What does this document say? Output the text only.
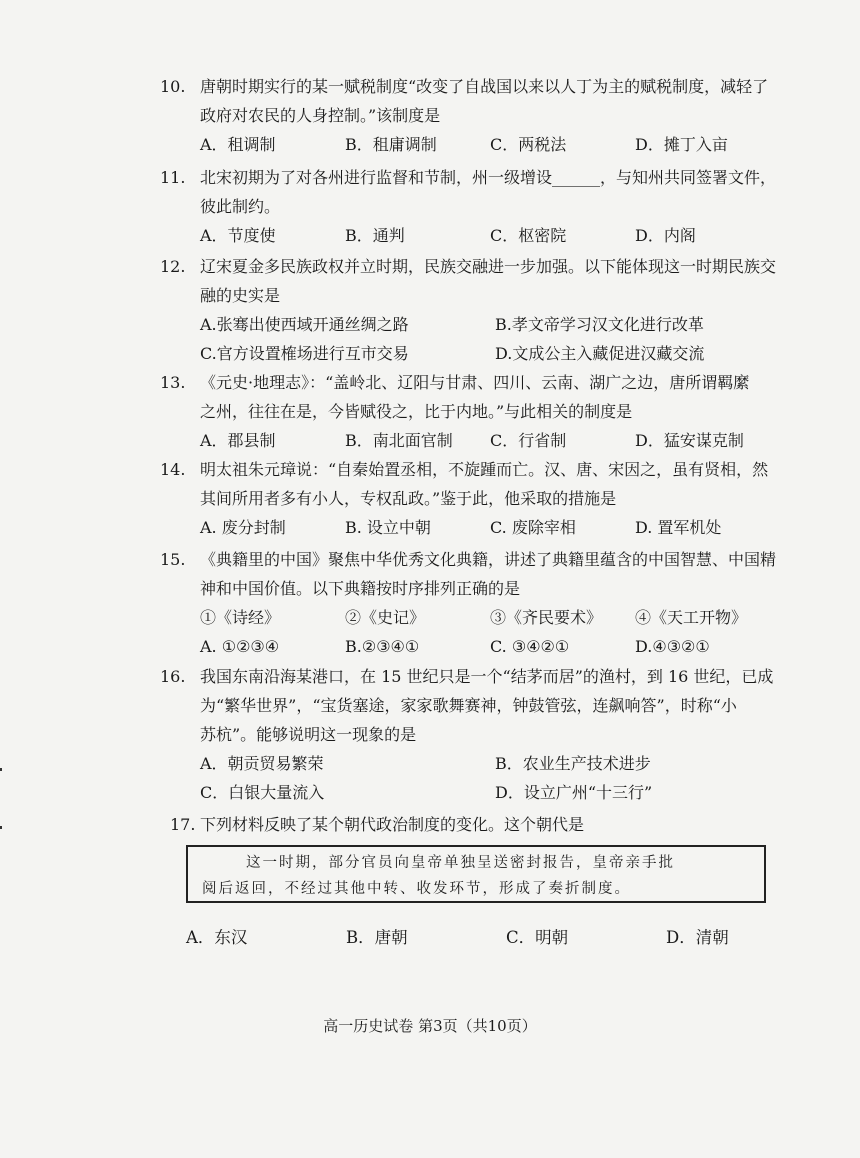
10. 唐朝时期实行的某一赋税制度“改变了自战国以来以人丁为主的赋税制度，减轻了
政府对农民的人身控制。”该制度是
A．租调制	B．租庸调制	C．两税法	D．摊丁入亩
11. 北宋初期为了对各州进行监督和节制，州一级增设______，与知州共同签署文件，
彼此制约。
A．节度使	B．通判	C．枢密院	D．内阁
12. 辽宋夏金多民族政权并立时期，民族交融进一步加强。以下能体现这一时期民族交
融的史实是
A.张骞出使西域开通丝绸之路	B.孝文帝学习汉文化进行改革
C.官方设置榷场进行互市交易	D.文成公主入藏促进汉藏交流
13. 《元史·地理志》：“盖岭北、辽阳与甘肃、四川、云南、湖广之边，唐所谓羁縻
之州，往往在是，今皆赋役之，比于内地。”与此相关的制度是
A．郡县制	B．南北面官制	C．行省制	D．猛安谋克制
14. 明太祖朱元璋说：“自秦始置丞相，不旋踵而亡。汉、唐、宋因之，虽有贤相，然
其间所用者多有小人，专权乱政。”鉴于此，他采取的措施是
A. 废分封制	B. 设立中朝	C. 废除宰相	D. 置军机处
15. 《典籍里的中国》聚焦中华优秀文化典籍，讲述了典籍里蕴含的中国智慧、中国精
神和中国价值。以下典籍按时序排列正确的是
①《诗经》	②《史记》	③《齐民要术》	④《天工开物》
A. ①②③④	B.②③④①	C. ③④②①	D.④③②①
16. 我国东南沿海某港口，在 15 世纪只是一个“结茅而居”的渔村，到 16 世纪，已成
为“繁华世界”，“宝货塞途，家家歌舞赛神，钟鼓管弦，连飙响答”，时称“小
苏杭”。能够说明这一现象的是
A．朝贡贸易繁荣	B．农业生产技术进步
C．白银大量流入	D．设立广州“十三行”
17. 下列材料反映了某个朝代政治制度的变化。这个朝代是
这一时期，部分官员向皇帝单独呈送密封报告，皇帝亲手批
阅后返回，不经过其他中转、收发环节，形成了奏折制度。
A．东汉	B．唐朝	C．明朝	D．清朝
高一历史试卷 第3页（共10页）
